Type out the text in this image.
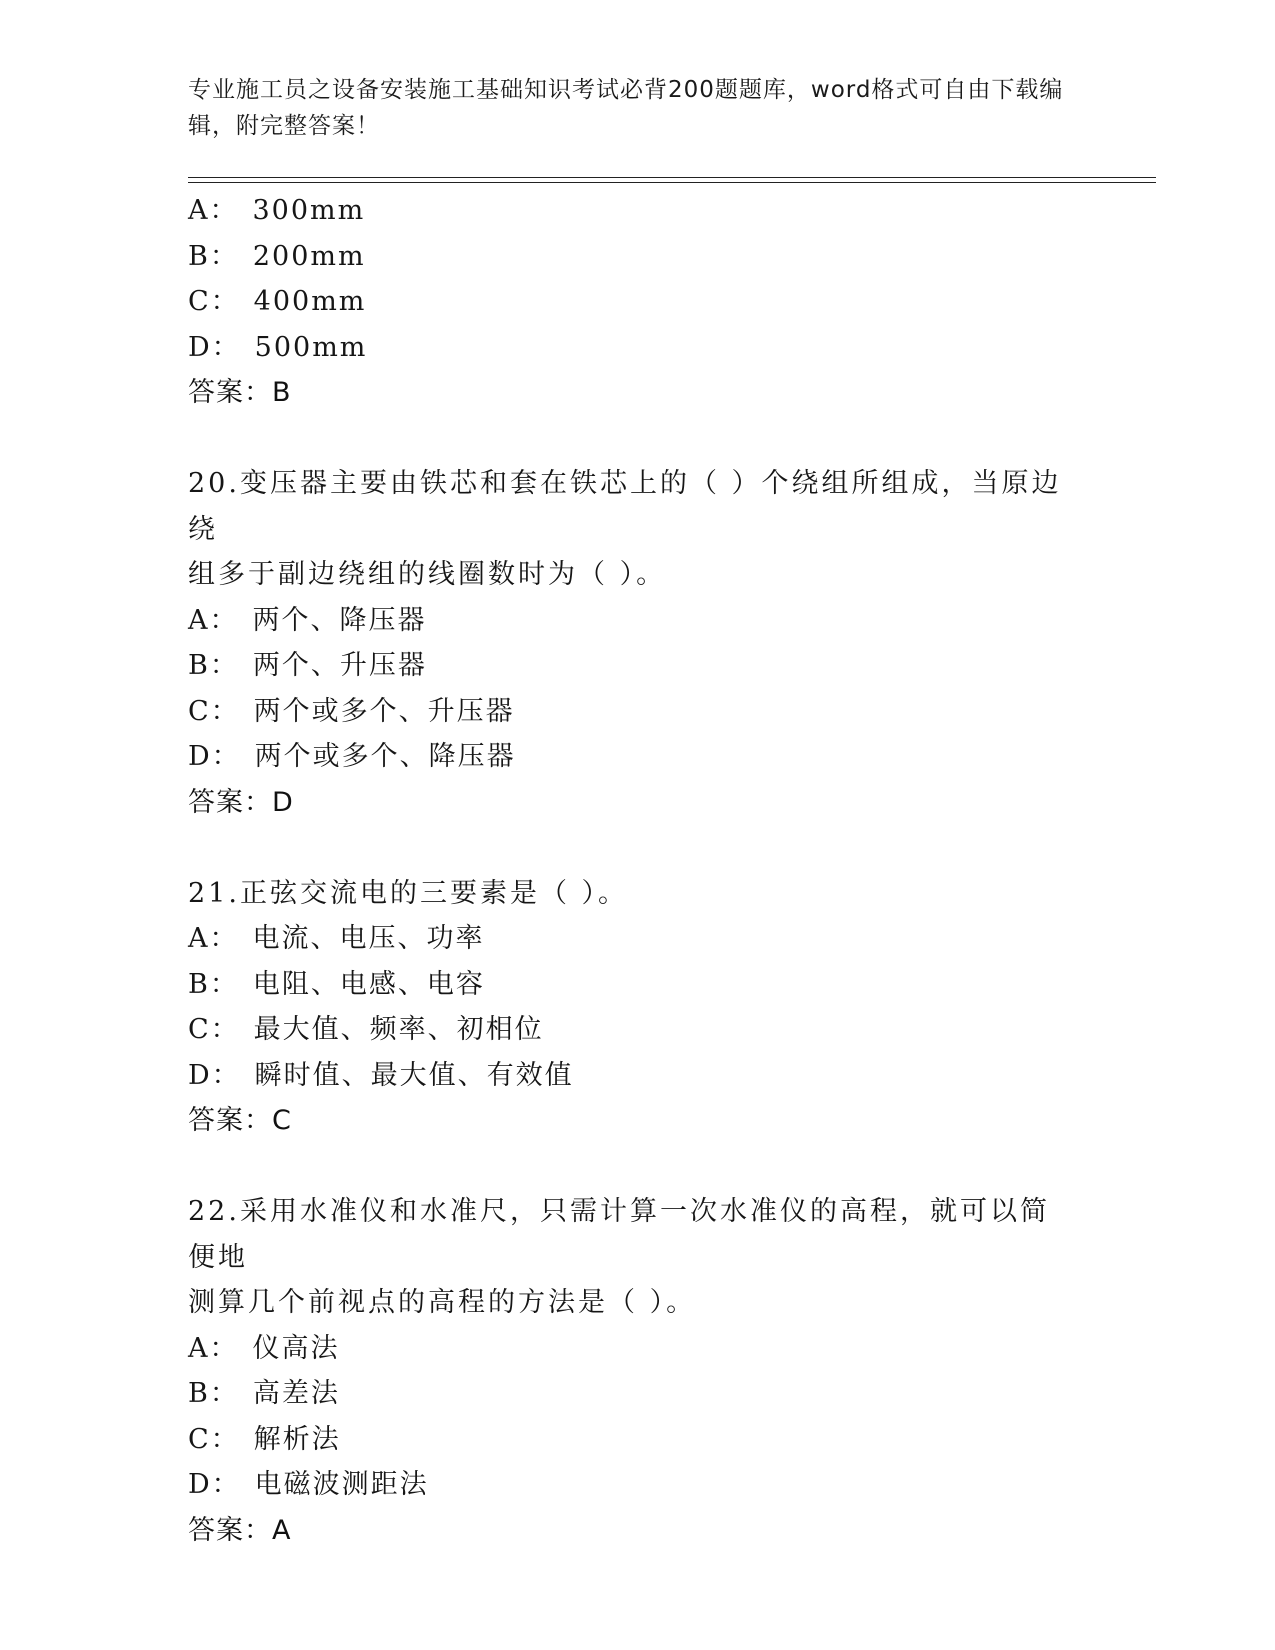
专业施工员之设备安装施工基础知识考试必背200题题库，word格式可自由下载编辑，附完整答案！
A： 300mm
B： 200mm
C： 400mm
D： 500mm
答案：B
20.变压器主要由铁芯和套在铁芯上的（ ）个绕组所组成，当原边绕
组多于副边绕组的线圈数时为（ ）。
A： 两个、降压器
B： 两个、升压器
C： 两个或多个、升压器
D： 两个或多个、降压器
答案：D
21.正弦交流电的三要素是（ ）。
A： 电流、电压、功率
B： 电阻、电感、电容
C： 最大值、频率、初相位
D： 瞬时值、最大值、有效值
答案：C
22.采用水准仪和水准尺，只需计算一次水准仪的高程，就可以简便地
测算几个前视点的高程的方法是（ ）。
A： 仪高法
B： 高差法
C： 解析法
D： 电磁波测距法
答案：A
